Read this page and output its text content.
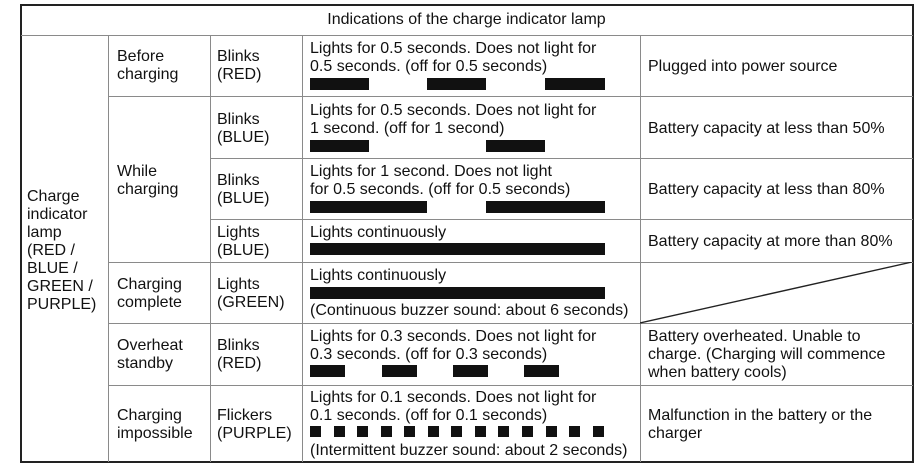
Indications of the charge indicator lamp
Charge
indicator
lamp
(RED /
BLUE /
GREEN /
PURPLE)
Before
charging
While
charging
Charging
complete
Overheat
standby
Charging
impossible
Blinks
(RED)
Blinks
(BLUE)
Blinks
(BLUE)
Lights
(BLUE)
Lights
(GREEN)
Blinks
(RED)
Flickers
(PURPLE)
Lights for 0.5 seconds. Does not light for
0.5 seconds. (off for 0.5 seconds)
Lights for 0.5 seconds. Does not light for
1 second. (off for 1 second)
Lights for 1 second. Does not light
for 0.5 seconds. (off for 0.5 seconds)
Lights continuously
Lights continuously
(Continuous buzzer sound: about 6 seconds)
Lights for 0.3 seconds. Does not light for
0.3 seconds. (off for 0.3 seconds)
Lights for 0.1 seconds. Does not light for
0.1 seconds. (off for 0.1 seconds)
(Intermittent buzzer sound: about 2 seconds)
Plugged into power source
Battery capacity at less than 50%
Battery capacity at less than 80%
Battery capacity at more than 80%
Battery overheated. Unable to
charge. (Charging will commence
when battery cools)
Malfunction in the battery or the
charger
